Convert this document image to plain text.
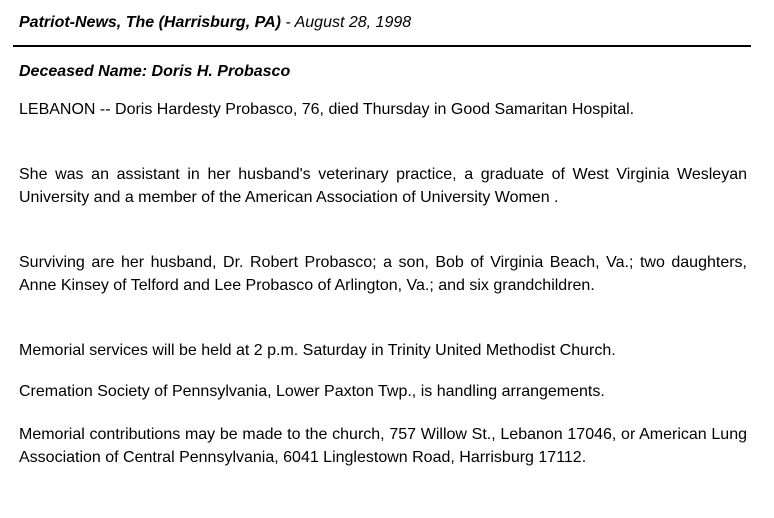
Patriot-News, The (Harrisburg, PA) - August 28, 1998
Deceased Name: Doris H. Probasco

LEBANON -- Doris Hardesty Probasco, 76, died Thursday in Good Samaritan Hospital.

She was an assistant in her husband's veterinary practice, a graduate of West Virginia Wesleyan University and a member of the American Association of University Women .

Surviving are her husband, Dr. Robert Probasco; a son, Bob of Virginia Beach, Va.; two daughters, Anne Kinsey of Telford and Lee Probasco of Arlington, Va.; and six grandchildren.

Memorial services will be held at 2 p.m. Saturday in Trinity United Methodist Church.

Cremation Society of Pennsylvania, Lower Paxton Twp., is handling arrangements.

Memorial contributions may be made to the church, 757 Willow St., Lebanon 17046, or American Lung Association of Central Pennsylvania, 6041 Linglestown Road, Harrisburg 17112.
